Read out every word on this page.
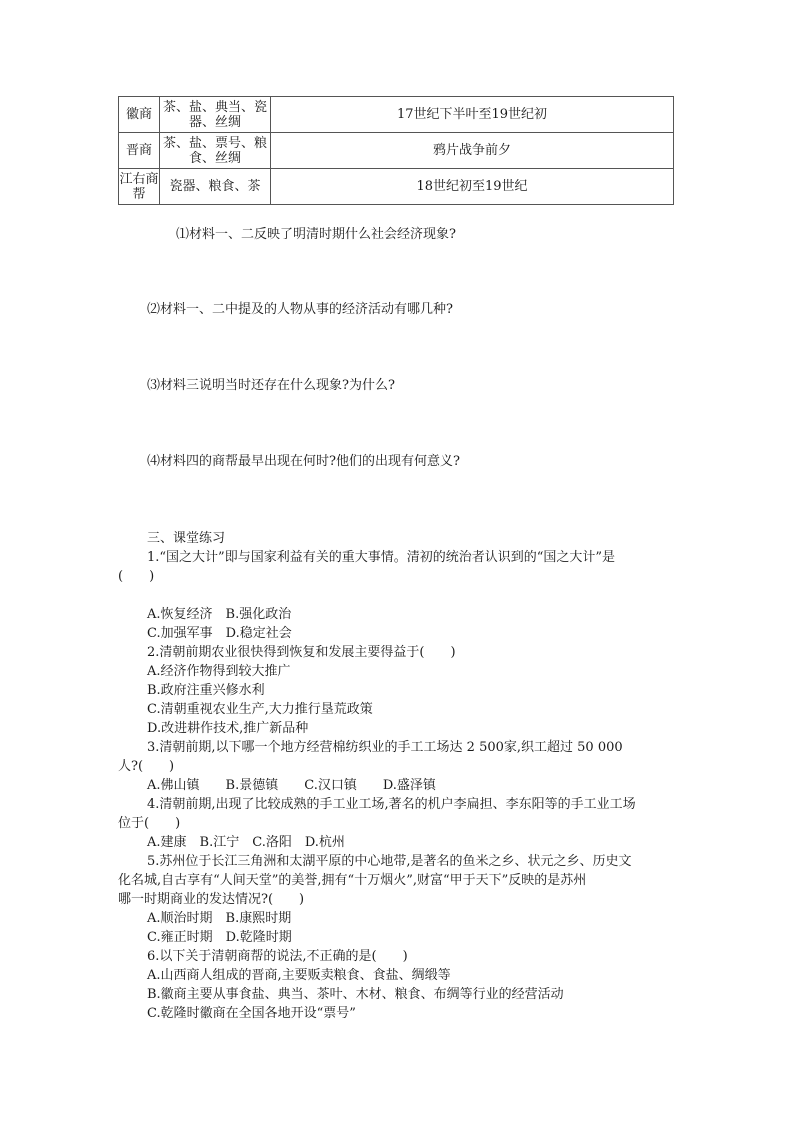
徽商	茶、盐、典当、瓷器、丝绸	17世纪下半叶至19世纪初
晋商	茶、盐、票号、粮食、丝绸	鸦片战争前夕
江右商帮	瓷器、粮食、茶	18世纪初至19世纪
⑴材料一、二反映了明清时期什么社会经济现象?
⑵材料一、二中提及的人物从事的经济活动有哪几种?
⑶材料三说明当时还存在什么现象?为什么?
⑷材料四的商帮最早出现在何时?他们的出现有何意义?
三、课堂练习
1.“国之大计”即与国家利益有关的重大事情。清初的统治者认识到的“国之大计”是
(　　)
A.恢复经济　B.强化政治
C.加强军事　D.稳定社会
2.清朝前期农业很快得到恢复和发展主要得益于(　　)
A.经济作物得到较大推广
B.政府注重兴修水利
C.清朝重视农业生产,大力推行垦荒政策
D.改进耕作技术,推广新品种
3.清朝前期,以下哪一个地方经营棉纺织业的手工工场达 2 500家,织工超过 50 000
人?(　　)
A.佛山镇　　B.景德镇　　C.汉口镇　　D.盛泽镇
4.清朝前期,出现了比较成熟的手工业工场,著名的机户李扁担、李东阳等的手工业工场
位于(　　)
A.建康　B.江宁　C.洛阳　D.杭州
5.苏州位于长江三角洲和太湖平原的中心地带,是著名的鱼米之乡、状元之乡、历史文
化名城,自古享有“人间天堂”的美誉,拥有“十万烟火”,财富“甲于天下”反映的是苏州
哪一时期商业的发达情况?(　　)
A.顺治时期　B.康熙时期
C.雍正时期　D.乾隆时期
6.以下关于清朝商帮的说法,不正确的是(　　)
A.山西商人组成的晋商,主要贩卖粮食、食盐、绸缎等
B.徽商主要从事食盐、典当、茶叶、木材、粮食、布绸等行业的经营活动
C.乾隆时徽商在全国各地开设“票号”
